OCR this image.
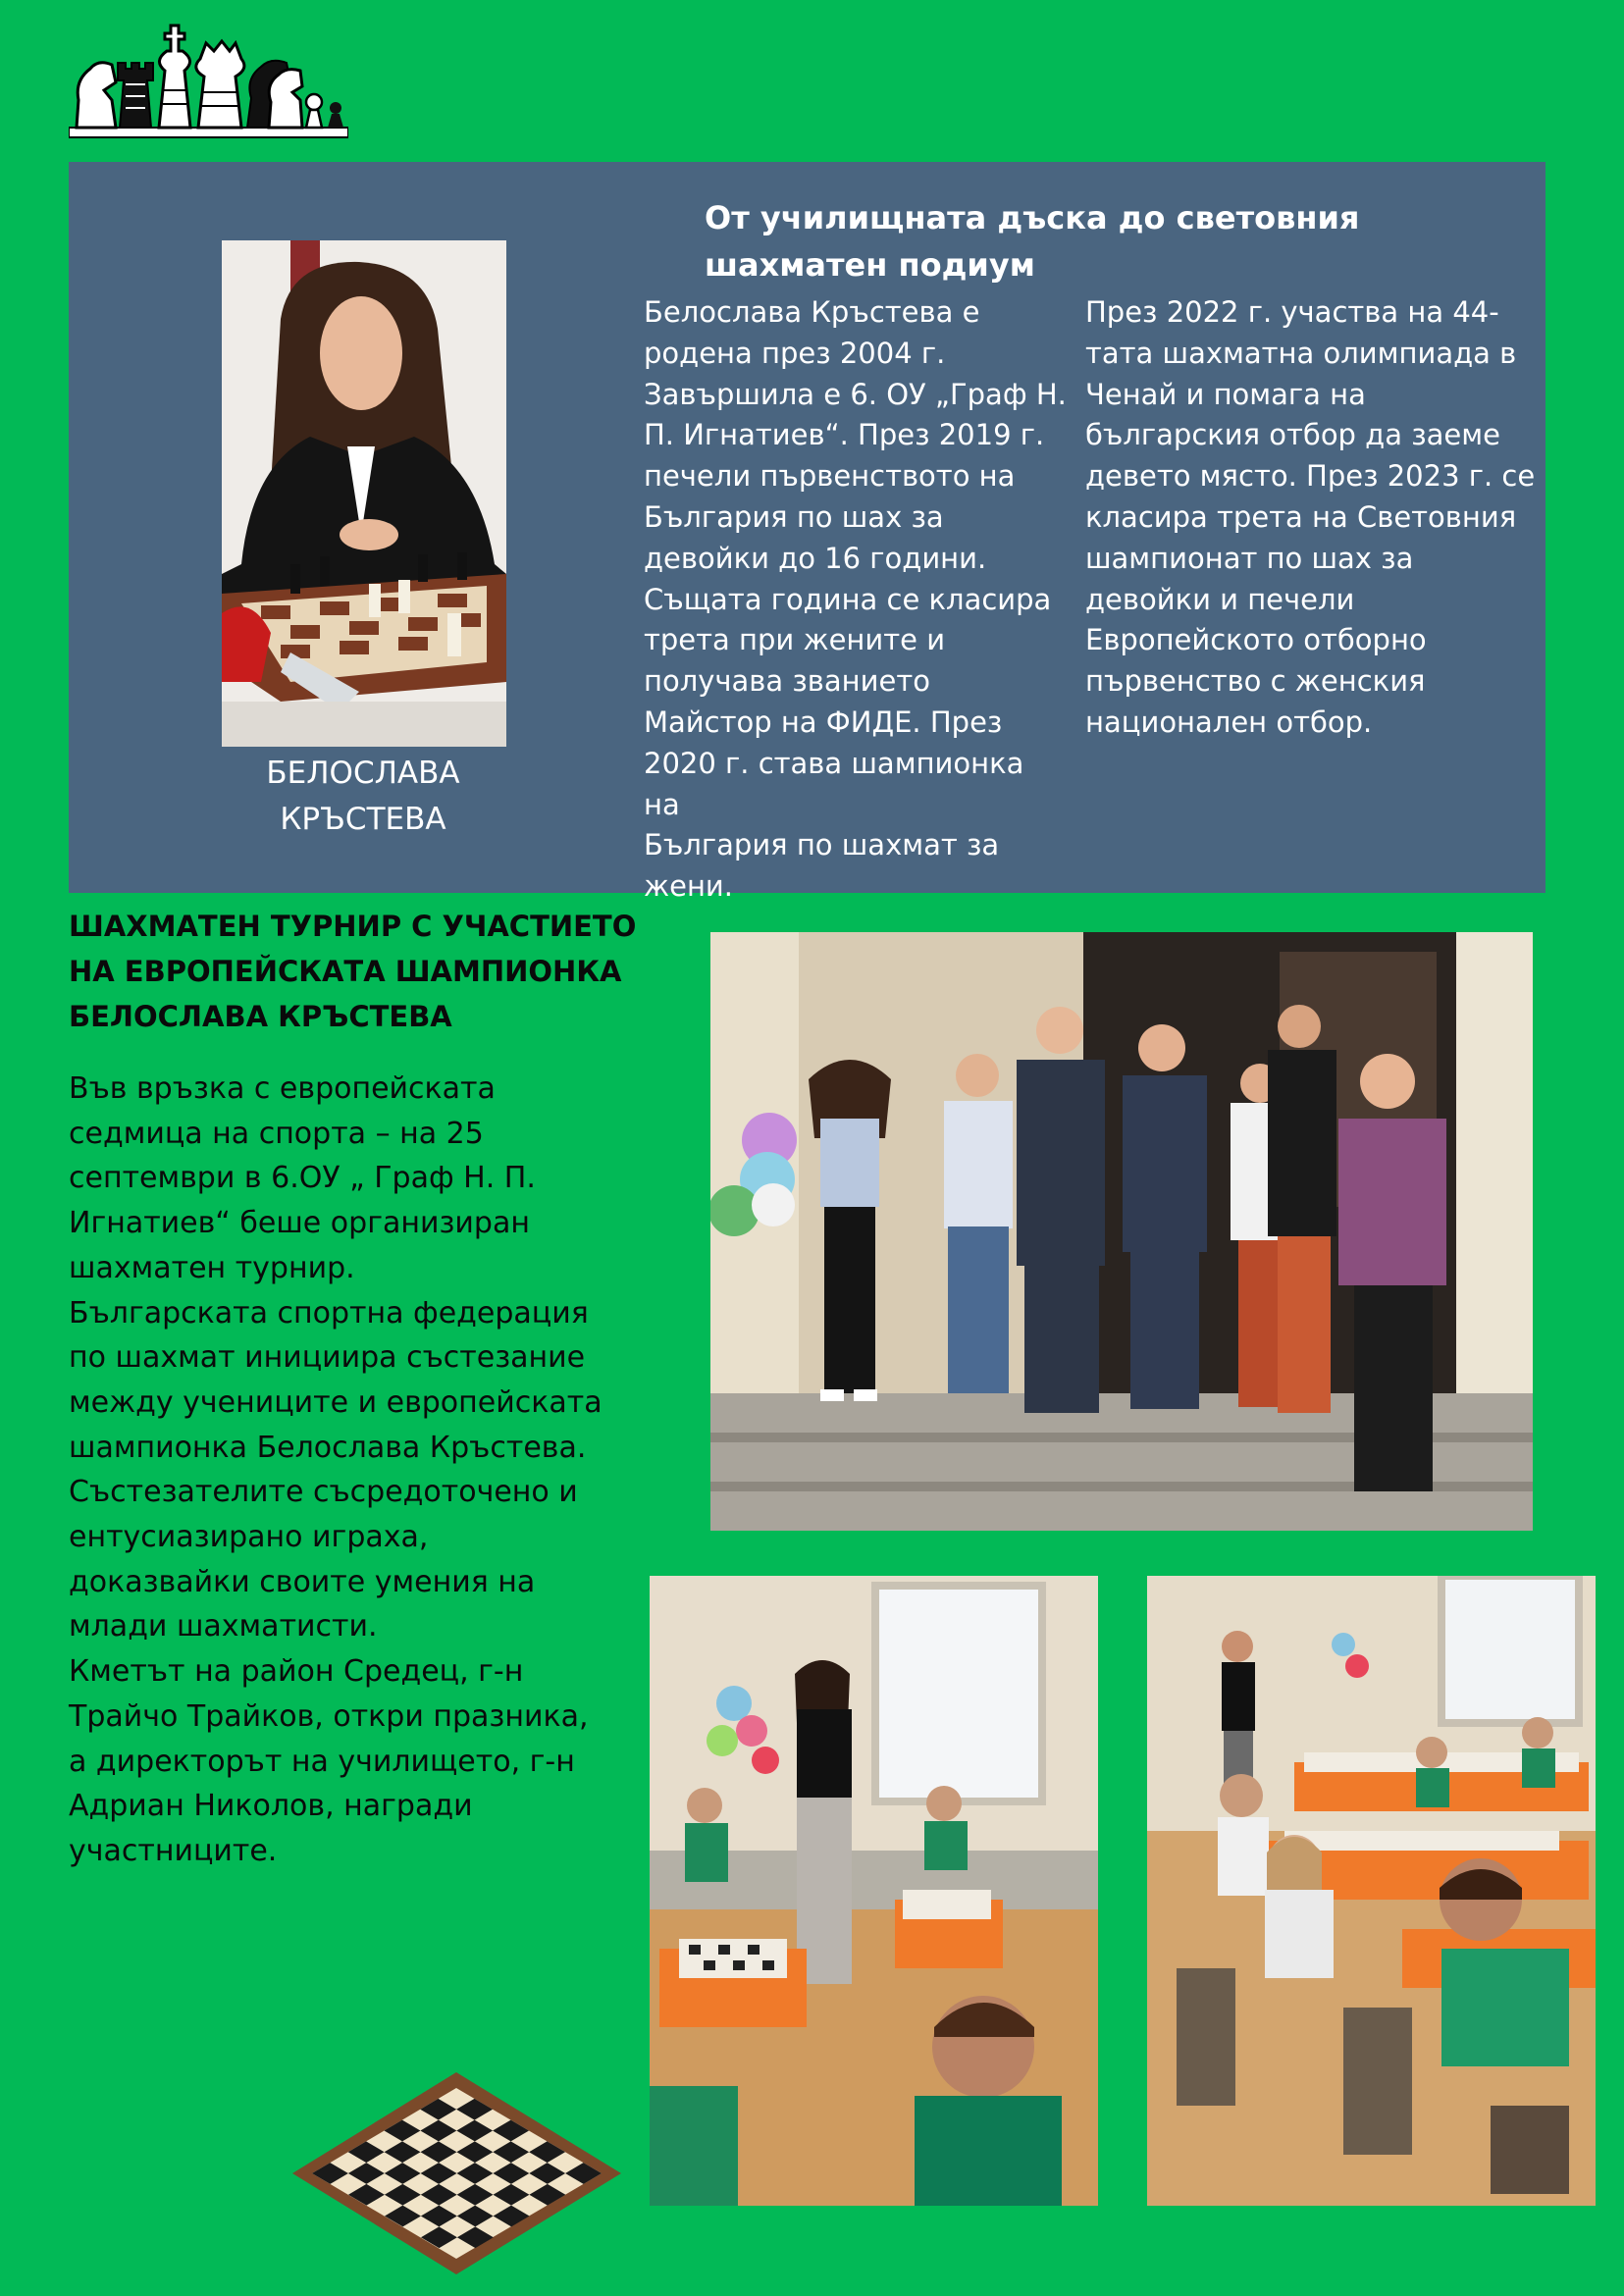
БЕЛОСЛАВА
КРЪСТЕВА
От училищната дъска до световния
шахматен подиум
Белослава Кръстева е
родена през 2004 г.
Завършила е 6. ОУ „Граф Н.
П. Игнатиев“. През 2019 г.
печели първенството на
България по шах за
девойки до 16 години.
Същата година се класира
трета при жените и
получава званието
Майстор на ФИДЕ. През
2020 г. става шампионка на
България по шахмат за
жени.
През 2022 г. участва на 44-
тата шахматна олимпиада в
Ченай и помага на
българския отбор да заеме
девето място. През 2023 г. се
класира трета на Световния
шампионат по шах за
девойки и печели
Европейското отборно
първенство с женския
национален отбор.
ШАХМАТЕН ТУРНИР С УЧАСТИЕТО
НА ЕВРОПЕЙСКАТА ШАМПИОНКА
БЕЛОСЛАВА КРЪСТЕВА
Във връзка с европейската
седмица на спорта – на 25
септември в 6.ОУ „ Граф Н. П.
Игнатиев“ беше организиран
шахматен турнир.
Българската спортна федерация
по шахмат инициира състезание
между учениците и европейската
шампионка Белослава Кръстева.
Състезателите съсредоточено и
ентусиазирано играха,
доказвайки своите умения на
млади шахматисти.
Кметът на район Средец, г-н
Трайчо Трайков, откри празника,
а директорът на училището, г-н
Адриан Николов, награди
участниците.
